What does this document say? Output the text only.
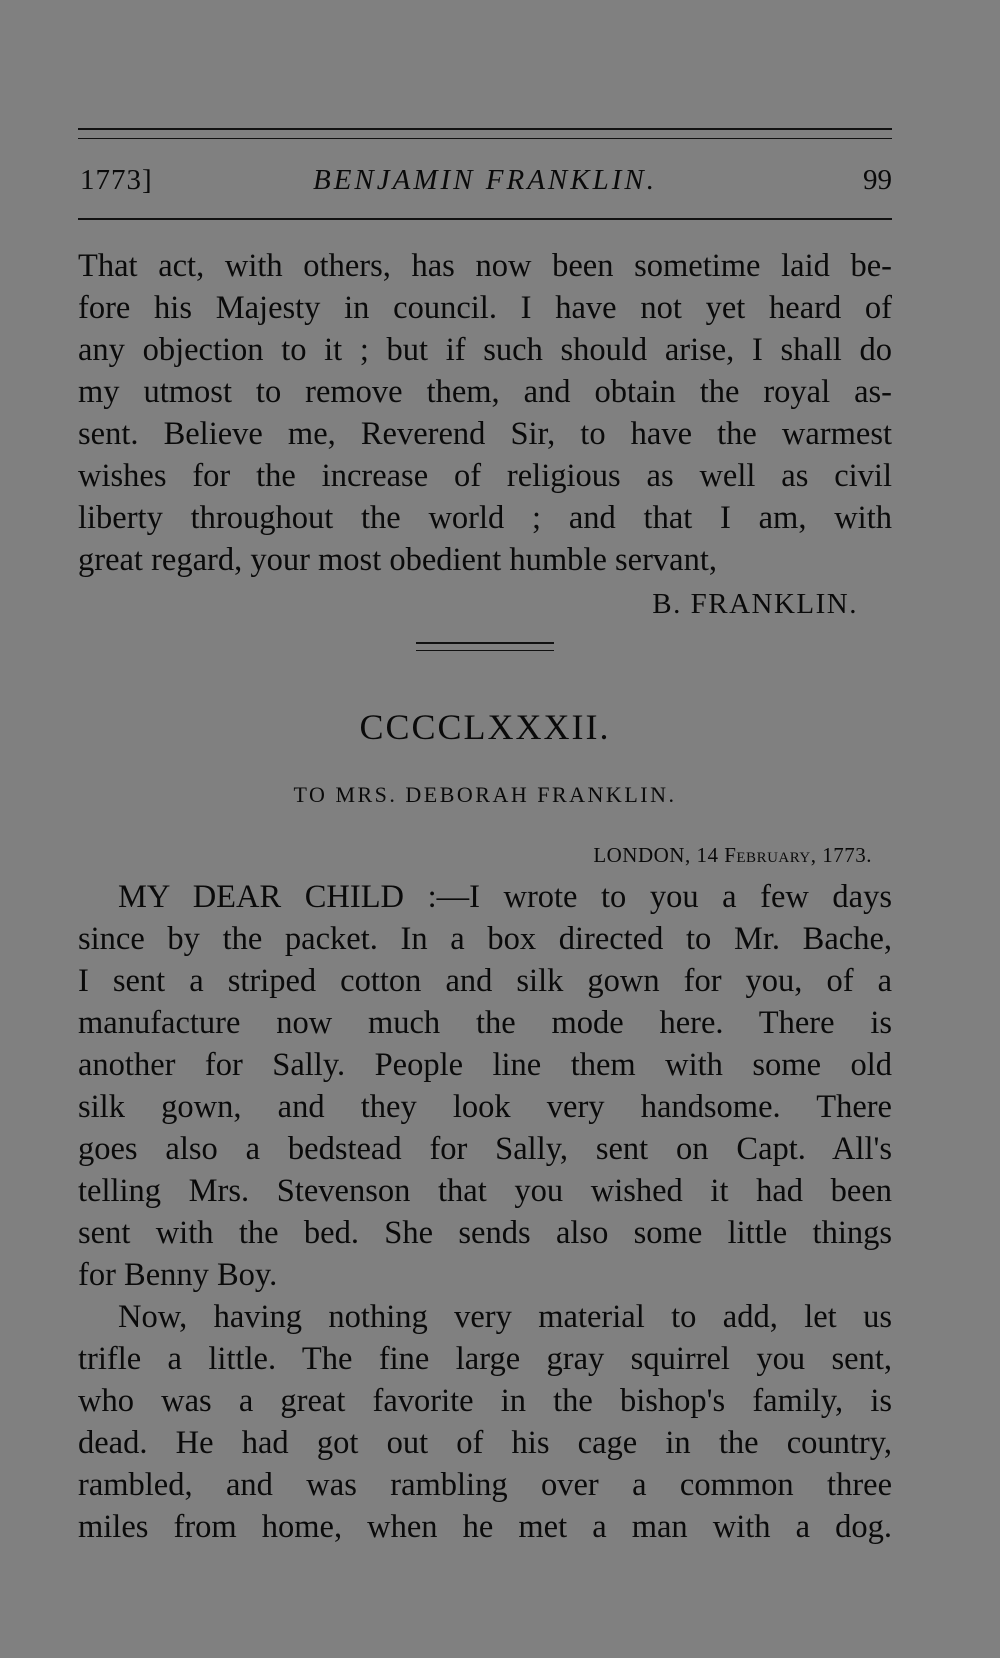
1773]	BENJAMIN FRANKLIN.	99
That act, with others, has now been sometime laid be-
fore his Majesty in council. I have not yet heard of
any objection to it ; but if such should arise, I shall do
my utmost to remove them, and obtain the royal as-
sent. Believe me, Reverend Sir, to have the warmest
wishes for the increase of religious as well as civil
liberty throughout the world ; and that I am, with
great regard, your most obedient humble servant,
B. FRANKLIN.
CCCCLXXXII.
TO MRS. DEBORAH FRANKLIN.
LONDON, 14 February, 1773.
MY DEAR CHILD :—I wrote to you a few days
since by the packet. In a box directed to Mr. Bache,
I sent a striped cotton and silk gown for you, of a
manufacture now much the mode here. There is
another for Sally. People line them with some old
silk gown, and they look very handsome. There
goes also a bedstead for Sally, sent on Capt. All's
telling Mrs. Stevenson that you wished it had been
sent with the bed. She sends also some little things
for Benny Boy.
Now, having nothing very material to add, let us
trifle a little. The fine large gray squirrel you sent,
who was a great favorite in the bishop's family, is
dead. He had got out of his cage in the country,
rambled, and was rambling over a common three
miles from home, when he met a man with a dog.
